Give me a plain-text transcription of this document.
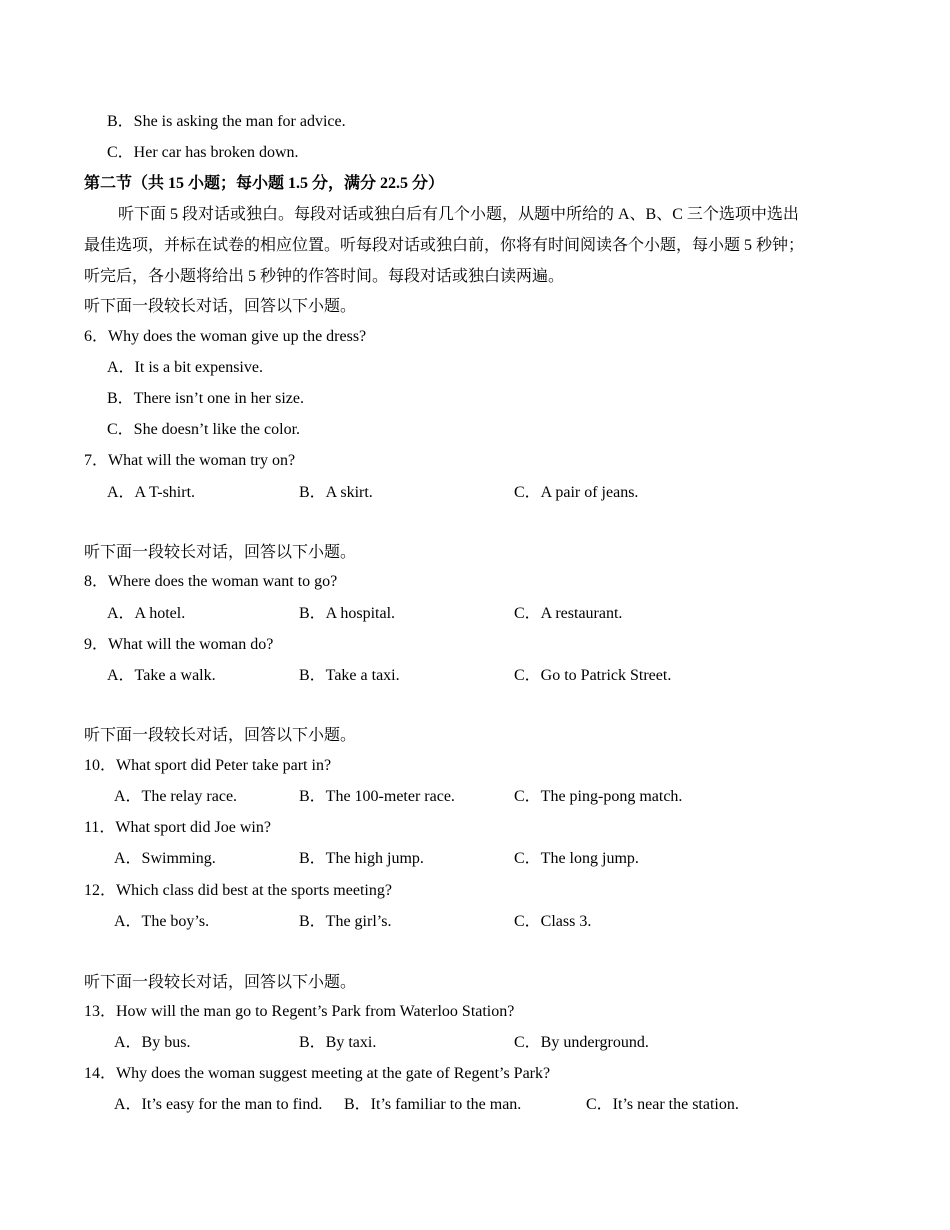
B．She is asking the man for advice.
C．Her car has broken down.
第二节（共 15 小题；每小题 1.5 分，满分 22.5 分）
听下面 5 段对话或独白。每段对话或独白后有几个小题，从题中所给的 A、B、C 三个选项中选出
最佳选项，并标在试卷的相应位置。听每段对话或独白前，你将有时间阅读各个小题，每小题 5 秒钟；
听完后，各小题将给出 5 秒钟的作答时间。每段对话或独白读两遍。
听下面一段较长对话，回答以下小题。
6．Why does the woman give up the dress?
A．It is a bit expensive.
B．There isn’t one in her size.
C．She doesn’t like the color.
7．What will the woman try on?
A．A T-shirt.	B．A skirt.	C．A pair of jeans.
听下面一段较长对话，回答以下小题。
8．Where does the woman want to go?
A．A hotel.	B．A hospital.	C．A restaurant.
9．What will the woman do?
A．Take a walk.	B．Take a taxi.	C．Go to Patrick Street.
听下面一段较长对话，回答以下小题。
10．What sport did Peter take part in?
A．The relay race.	B．The 100-meter race.	C．The ping-pong match.
11．What sport did Joe win?
A．Swimming.	B．The high jump.	C．The long jump.
12．Which class did best at the sports meeting?
A．The boy’s.	B．The girl’s.	C．Class 3.
听下面一段较长对话，回答以下小题。
13．How will the man go to Regent’s Park from Waterloo Station?
A．By bus.	B．By taxi.	C．By underground.
14．Why does the woman suggest meeting at the gate of Regent’s Park?
A．It’s easy for the man to find. B．It’s familiar to the man.	C．It’s near the station.
